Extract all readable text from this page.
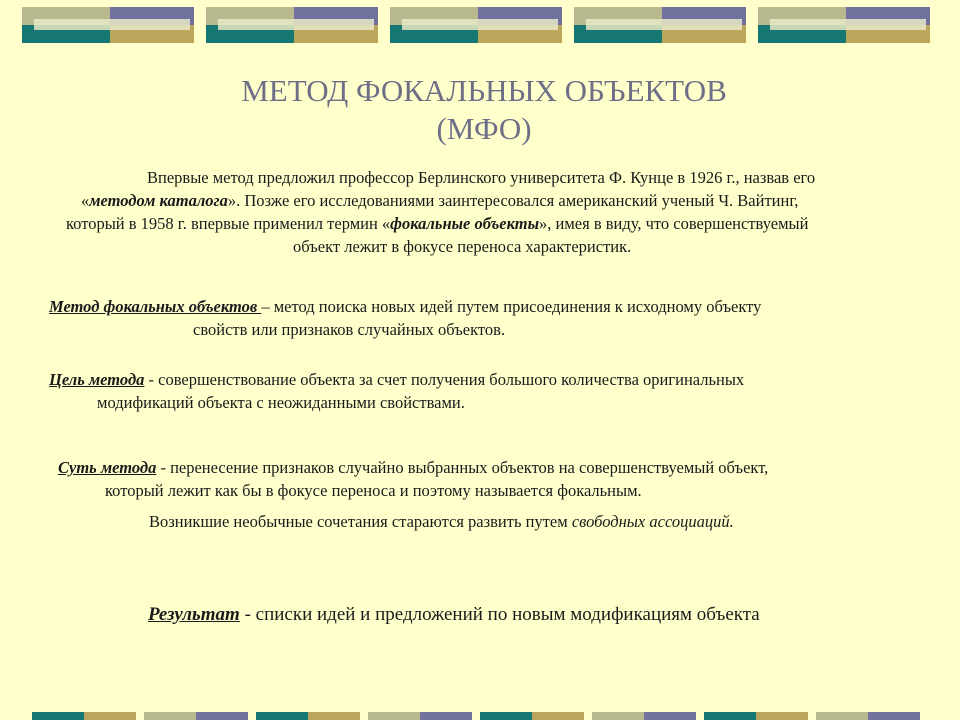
МЕТОД ФОКАЛЬНЫХ ОБЪЕКТОВ
(МФО)
Впервые метод предложил профессор Берлинского университета Ф. Кунце в 1926 г., назвав его
«методом каталога». Позже его исследованиями заинтересовался американский ученый Ч. Вайтинг,
который в 1958 г. впервые применил термин «фокальные объекты», имея в виду, что совершенствуемый
объект лежит в фокусе переноса характеристик.
Метод фокальных объектов – метод поиска новых идей путем присоединения к исходному объекту
свойств или признаков случайных объектов.
Цель метода - совершенствование объекта за счет получения большого количества оригинальных
модификаций объекта с неожиданными свойствами.
Суть метода - перенесение признаков случайно выбранных объектов на совершенствуемый объект,
который лежит как бы в фокусе переноса и поэтому называется фокальным.
Возникшие необычные сочетания стараются развить путем свободных ассоциаций.
Результат - списки идей и предложений по новым модификациям объекта
